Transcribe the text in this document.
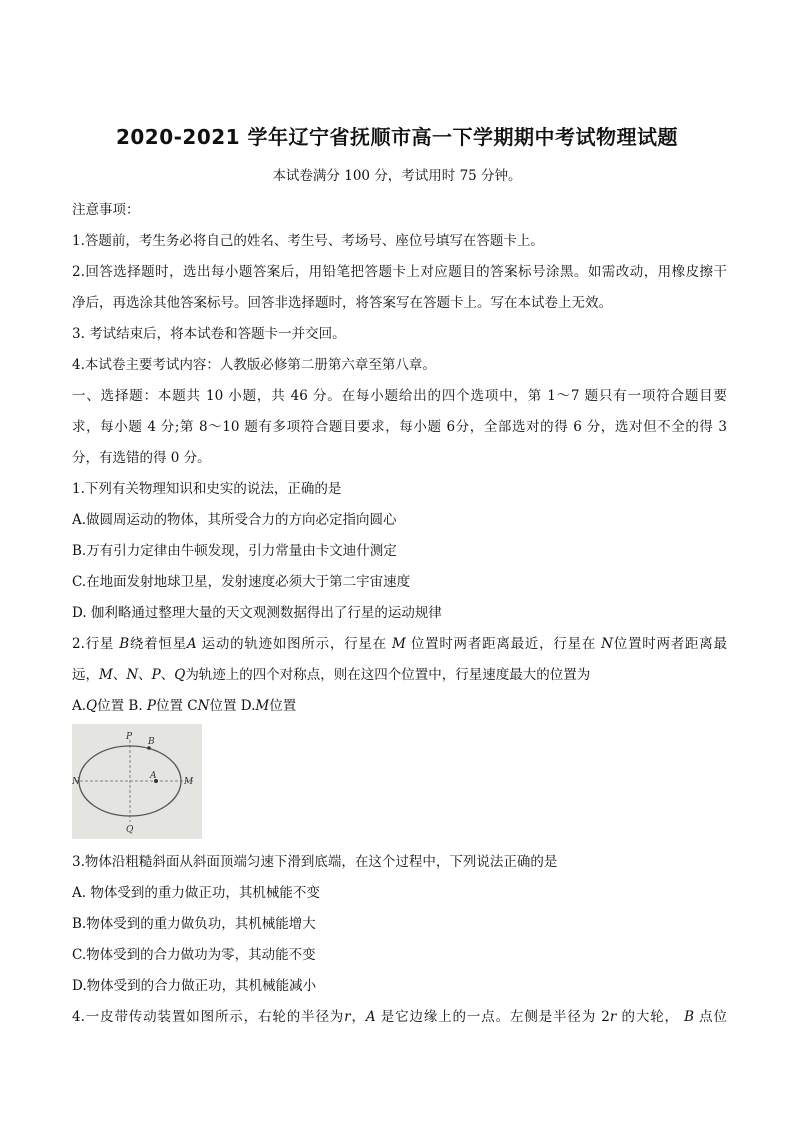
2020-2021 学年辽宁省抚顺市高一下学期期中考试物理试题
本试卷满分 100 分，考试用时 75 分钟。
注意事项：
1.答题前，考生务必将自己的姓名、考生号、考场号、座位号填写在答题卡上。
2.回答选择题时，选出每小题答案后，用铅笔把答题卡上对应题目的答案标号涂黑。如需改动，用橡皮擦干
净后，再选涂其他答案标号。回答非选择题时，将答案写在答题卡上。写在本试卷上无效。
3. 考试结束后，将本试卷和答题卡一并交回。
4.本试卷主要考试内容：人教版必修第二册第六章至第八章。
一、选择题：本题共 10 小题，共 46 分。在每小题给出的四个选项中，第 1～7 题只有一项符合题目要
求，每小题 4 分;第 8～10 题有多项符合题目要求，每小题 6分，全部选对的得 6 分，选对但不全的得 3
分，有选错的得 0 分。
1.下列有关物理知识和史实的说法，正确的是
A.做圆周运动的物体，其所受合力的方向必定指向圆心
B.万有引力定律由牛顿发现，引力常量由卡文迪什测定
C.在地面发射地球卫星，发射速度必须大于第二宇宙速度
D. 伽利略通过整理大量的天文观测数据得出了行星的运动规律
2.行星 B绕着恒星A 运动的轨迹如图所示，行星在 M 位置时两者距离最近，行星在 N位置时两者距离最
远，M、N、P、Q为轨迹上的四个对称点，则在这四个位置中，行星速度最大的位置为
A.Q位置 B. P位置 CN位置 D.M位置
P B
N
A
M
Q
3.物体沿粗糙斜面从斜面顶端匀速下滑到底端，在这个过程中，下列说法正确的是
A. 物体受到的重力做正功，其机械能不变
B.物体受到的重力做负功，其机械能增大
C.物体受到的合力做功为零，其动能不变
D.物体受到的合力做正功，其机械能减小
4.一皮带传动装置如图所示，右轮的半径为r，A 是它边缘上的一点。左侧是半径为 2r 的大轮， B 点位
